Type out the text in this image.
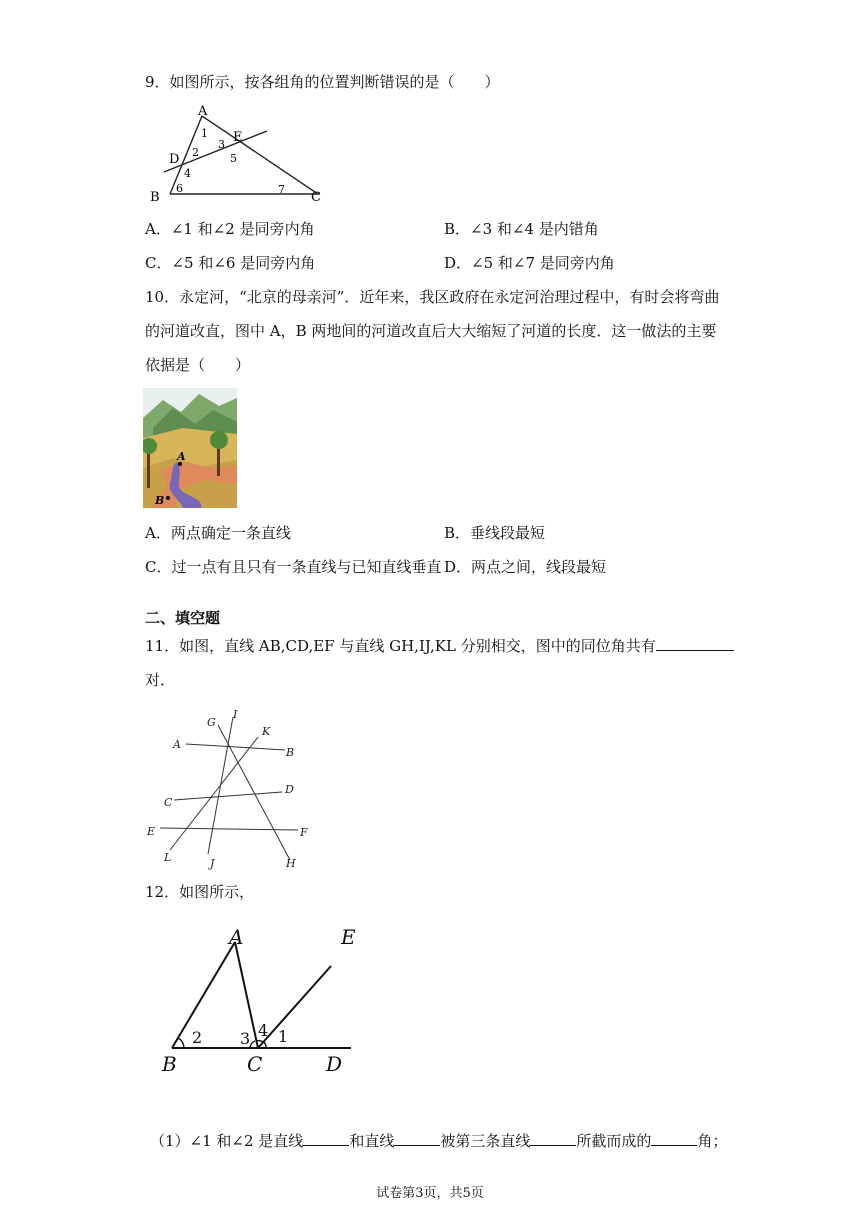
9．如图所示，按各组角的位置判断错误的是（　　）
A
B	C
D
E
1
2
3
4
5
6	7
A．∠1 和∠2 是同旁内角	B．∠3 和∠4 是内错角
C．∠5 和∠6 是同旁内角	D．∠5 和∠7 是同旁内角
10．永定河，“北京的母亲河”．近年来，我区政府在永定河治理过程中，有时会将弯曲
的河道改直，图中 A，B 两地间的河道改直后大大缩短了河道的长度．这一做法的主要
依据是（　　）
A
B
A．两点确定一条直线	B．垂线段最短
C．过一点有且只有一条直线与已知直线垂直 D．两点之间，线段最短
二、填空题
11．如图，直线 AB,CD,EF 与直线 GH,IJ,KL 分别相交，图中的同位角共有
对．
A
B
C
D
E	F
G
H
I
J
K
L
12．如图所示，
A	E
B	C	D
2 3 4 1
（1）∠1 和∠2 是直线	和直线	被第三条直线	所截而成的	角；
试卷第3页，共5页
